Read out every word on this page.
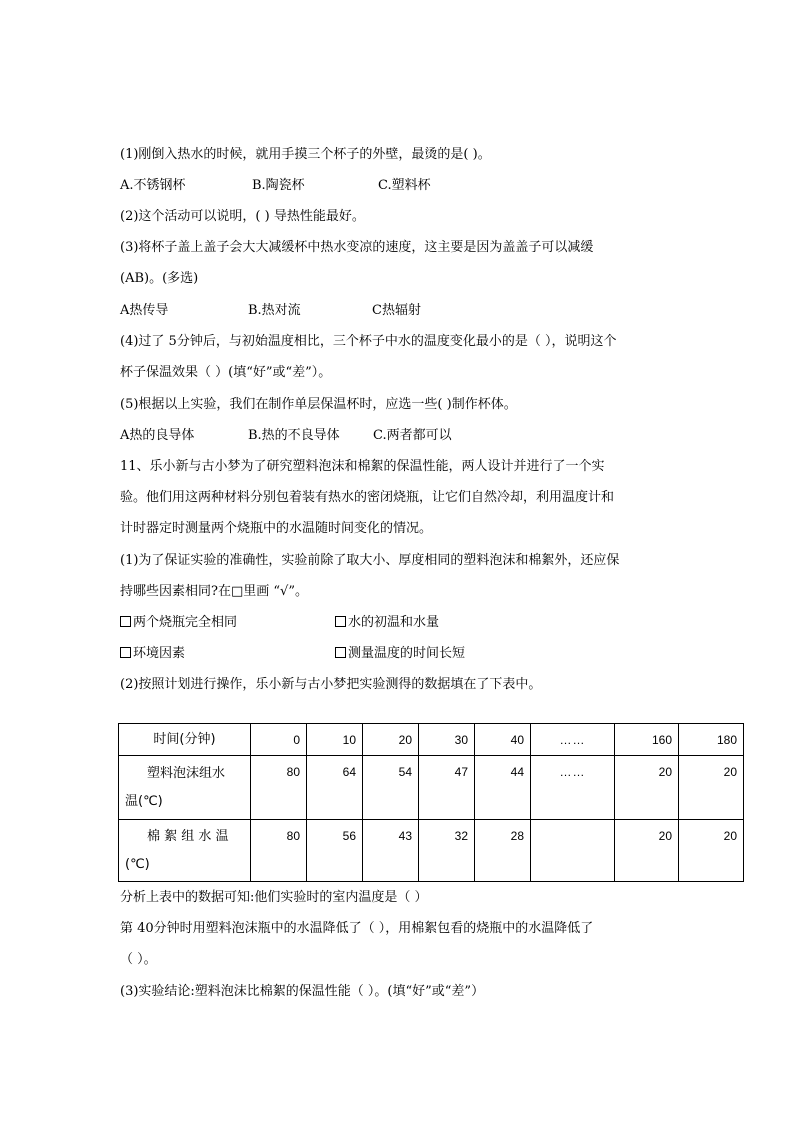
(1)刚倒入热水的时候，就用手摸三个杯子的外壁，最烫的是( )。
A.不锈钢杯	B.陶瓷杯	C.塑料杯
(2)这个活动可以说明，( ) 导热性能最好。
(3)将杯子盖上盖子会大大减缓杯中热水变凉的速度，这主要是因为盖盖子可以减缓
(AB)。(多选)
A热传导	B.热对流	C热辐射
(4)过了 5分钟后，与初始温度相比，三个杯子中水的温度变化最小的是（ ），说明这个
杯子保温效果（ ）(填“好”或“差”）。
(5)根据以上实验，我们在制作单层保温杯时，应选一些( )制作杯体。
A热的良导体	B.热的不良导体	C.两者都可以
11、乐小新与古小梦为了研究塑料泡沫和棉絮的保温性能，两人设计并进行了一个实
验。他们用这两种材料分别包着装有热水的密闭烧瓶，让它们自然冷却，利用温度计和
计时器定时测量两个烧瓶中的水温随时间变化的情况。
(1)为了保证实验的准确性，实验前除了取大小、厚度相同的塑料泡沫和棉絮外，还应保
持哪些因素相同?在□里画 “√”。
两个烧瓶完全相同	水的初温和水量
环境因素	测量温度的时间长短
(2)按照计划进行操作，乐小新与古小梦把实验测得的数据填在了下表中。
时间(分钟)	0	10	20	30	40	……	160	180

塑料泡沫组水
温(℃)	80	64	54	47	44	……	20	20

棉 絮 组 水 温
(℃)	80	56	43	32	28		20	20
分析上表中的数据可知:他们实验时的室内温度是（ ）
第 40分钟时用塑料泡沫瓶中的水温降低了（ ），用棉絮包看的烧瓶中的水温降低了
（ ）。
(3)实验结论:塑料泡沫比棉絮的保温性能（ ）。(填“好”或“差”）
